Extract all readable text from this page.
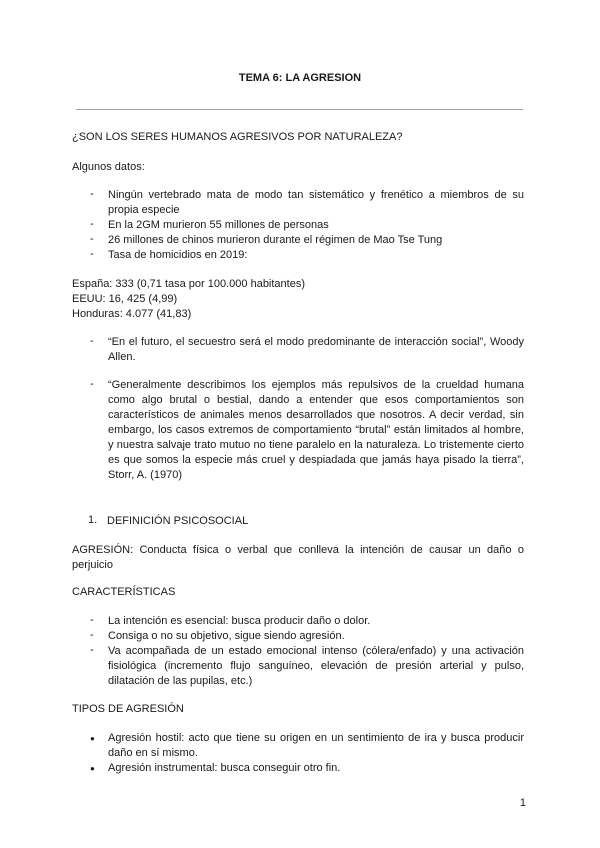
TEMA 6: LA AGRESION
¿SON LOS SERES HUMANOS AGRESIVOS POR NATURALEZA?
Algunos datos:
-	Ningún vertebrado mata de modo tan sistemático y frenético a miembros de su propia especie
-	En la 2GM murieron 55 millones de personas
-	26 millones de chinos murieron durante el régimen de Mao Tse Tung
-	Tasa de homicidios en 2019:
España: 333 (0,71 tasa por 100.000 habitantes)
EEUU: 16, 425 (4,99)
Honduras: 4.077 (41,83)
-	“En el futuro, el secuestro será el modo predominante de interacción social”, Woody Allen.
-	“Generalmente describimos los ejemplos más repulsivos de la crueldad humana como algo brutal o bestial, dando a entender que esos comportamientos son característicos de animales menos desarrollados que nosotros. A decir verdad, sin embargo, los casos extremos de comportamiento “brutal” están limitados al hombre, y nuestra salvaje trato mutuo no tiene paralelo en la naturaleza. Lo tristemente cierto es que somos la especie más cruel y despiadada que jamás haya pisado la tierra”, Storr, A. (1970)
1. DEFINICIÓN PSICOSOCIAL
AGRESIÓN: Conducta física o verbal que conlleva la intención de causar un daño o perjuicio
CARACTERÍSTICAS
-	La intención es esencial: busca producir daño o dolor.
-	Consiga o no su objetivo, sigue siendo agresión.
-	Va acompañada de un estado emocional intenso (cólera/enfado) y una activación fisiológica (incremento flujo sanguíneo, elevación de presión arterial y pulso, dilatación de las pupilas, etc.)
TIPOS DE AGRESIÓN
● Agresión hostil: acto que tiene su origen en un sentimiento de ira y busca producir daño en sí mismo.
● Agresión instrumental: busca conseguir otro fin.
1
